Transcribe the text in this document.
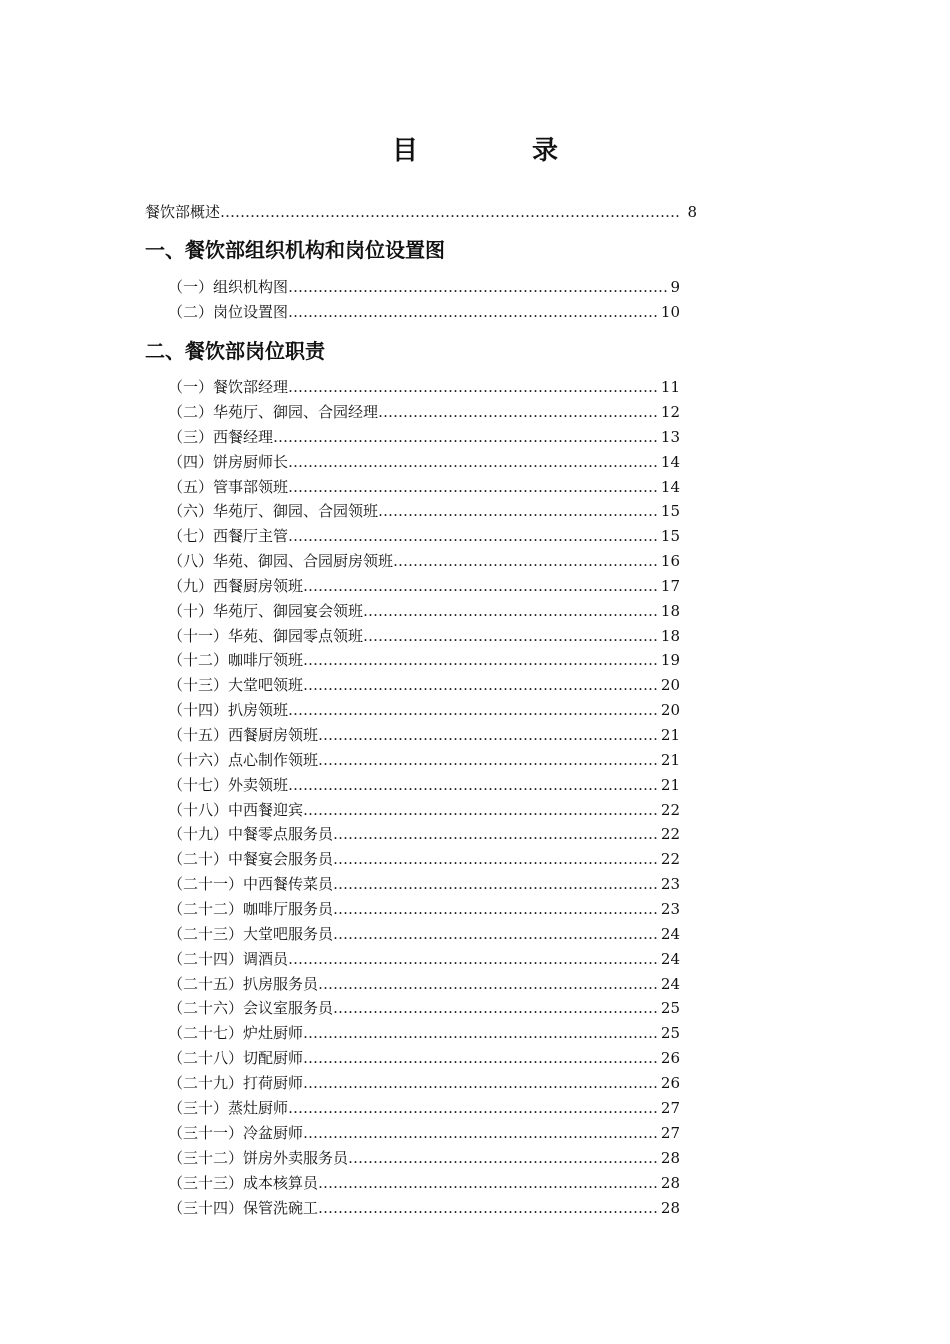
目　录
餐饮部概述 …………………………………………………………………………………………………………………………………………………………	8
一、餐饮部组织机构和岗位设置图
（一）组织机构图 …………………………………………………………………………………………………………………………………………………………	9
（二）岗位设置图 …………………………………………………………………………………………………………………………………………………………	10
二、餐饮部岗位职责
（一）餐饮部经理 …………………………………………………………………………………………………………………………………………………………	11
（二）华苑厅、御园、合园经理 …………………………………………………………………………………………………………………………………………………………	12
（三）西餐经理 …………………………………………………………………………………………………………………………………………………………	13
（四）饼房厨师长 …………………………………………………………………………………………………………………………………………………………	14
（五）管事部领班 …………………………………………………………………………………………………………………………………………………………	14
（六）华苑厅、御园、合园领班 …………………………………………………………………………………………………………………………………………………………	15
（七）西餐厅主管 …………………………………………………………………………………………………………………………………………………………	15
（八）华苑、御园、合园厨房领班 …………………………………………………………………………………………………………………………………………………………	16
（九）西餐厨房领班 …………………………………………………………………………………………………………………………………………………………	17
（十）华苑厅、御园宴会领班 …………………………………………………………………………………………………………………………………………………………	18
（十一）华苑、御园零点领班 …………………………………………………………………………………………………………………………………………………………	18
（十二）咖啡厅领班 …………………………………………………………………………………………………………………………………………………………	19
（十三）大堂吧领班 …………………………………………………………………………………………………………………………………………………………	20
（十四）扒房领班 …………………………………………………………………………………………………………………………………………………………	20
（十五）西餐厨房领班 …………………………………………………………………………………………………………………………………………………………	21
（十六）点心制作领班 …………………………………………………………………………………………………………………………………………………………	21
（十七）外卖领班 …………………………………………………………………………………………………………………………………………………………	21
（十八）中西餐迎宾 …………………………………………………………………………………………………………………………………………………………	22
（十九）中餐零点服务员 …………………………………………………………………………………………………………………………………………………………	22
（二十）中餐宴会服务员 …………………………………………………………………………………………………………………………………………………………	22
（二十一）中西餐传菜员 …………………………………………………………………………………………………………………………………………………………	23
（二十二）咖啡厅服务员 …………………………………………………………………………………………………………………………………………………………	23
（二十三）大堂吧服务员 …………………………………………………………………………………………………………………………………………………………	24
（二十四）调酒员 …………………………………………………………………………………………………………………………………………………………	24
（二十五）扒房服务员 …………………………………………………………………………………………………………………………………………………………	24
（二十六）会议室服务员 …………………………………………………………………………………………………………………………………………………………	25
（二十七）炉灶厨师 …………………………………………………………………………………………………………………………………………………………	25
（二十八）切配厨师 …………………………………………………………………………………………………………………………………………………………	26
（二十九）打荷厨师 …………………………………………………………………………………………………………………………………………………………	26
（三十）蒸灶厨师 …………………………………………………………………………………………………………………………………………………………	27
（三十一）冷盆厨师 …………………………………………………………………………………………………………………………………………………………	27
（三十二）饼房外卖服务员 …………………………………………………………………………………………………………………………………………………………	28
（三十三）成本核算员 …………………………………………………………………………………………………………………………………………………………	28
（三十四）保管洗碗工 …………………………………………………………………………………………………………………………………………………………	28
